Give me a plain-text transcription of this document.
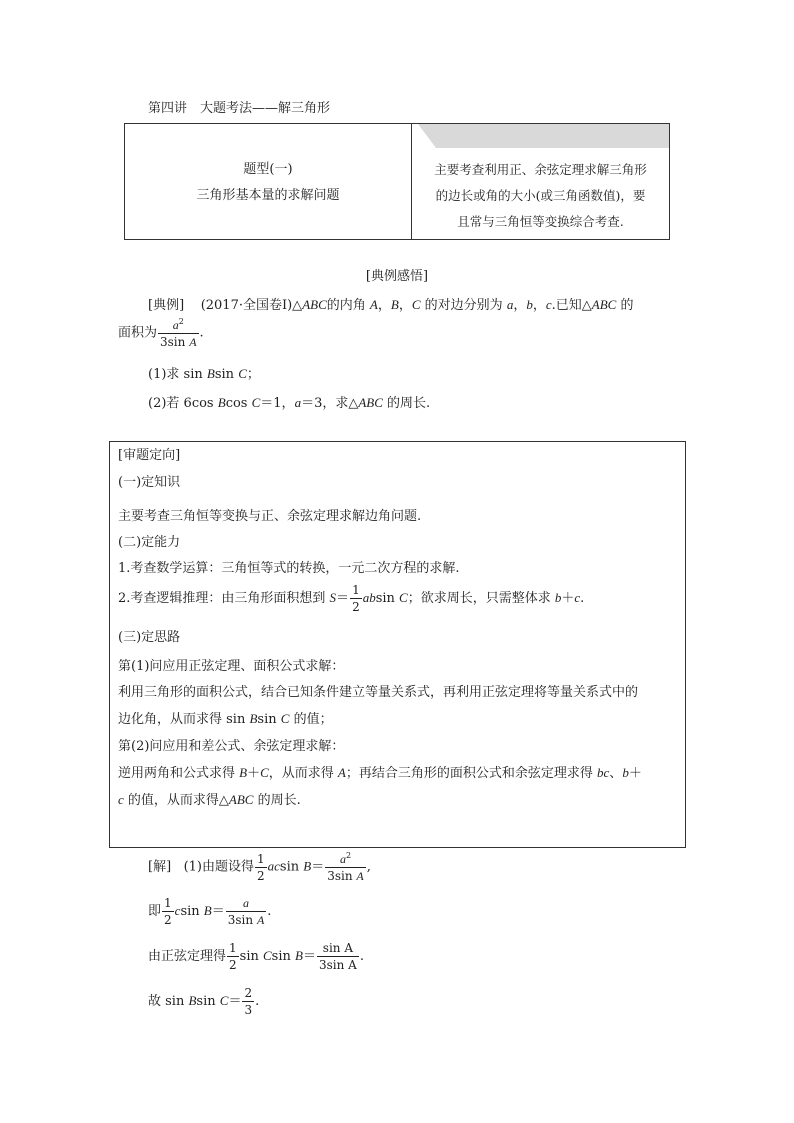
第四讲　大题考法——解三角形
题型(一)
三角形基本量的求解问题
主要考查利用正、余弦定理求解三角形
的边长或角的大小(或三角函数值)，要
且常与三角恒等变换综合考查.
[典例感悟]
[典例] (2017·全国卷Ⅰ)△ABC的内角 A，B，C 的对边分别为 a，b，c.已知△ABC 的
面积为 $\frac{a^2}{\text{3sin A}}$ .
(1)求 sin Bsin C；
(2)若 6cos Bcos C＝1，a＝3，求△ABC 的周长.
[审题定向]
(一)定知识
主要考查三角恒等变换与正、余弦定理求解边角问题.
(二)定能力
1.考查数学运算：三角恒等式的转换，一元二次方程的求解.
2.考查逻辑推理：由三角形面积想到 $S= \frac{1}{2}$ absin C；欲求周长，只需整体求 b＋c.
(三)定思路
第(1)问应用正弦定理、面积公式求解：
利用三角形的面积公式，结合已知条件建立等量关系式，再利用正弦定理将等量关系式中的
边化角，从而求得 sin Bsin C 的值；
第(2)问应用和差公式、余弦定理求解：
逆用两角和公式求得 B＋C，从而求得 A；再结合三角形的面积公式和余弦定理求得 bc、b＋
c 的值，从而求得△ABC 的周长.
[解] (1)由题设得 $\frac{1}{2}$ acsin $B= \frac{a^2}{\text{3sin A}}$ ,
即 $\frac{1}{2}$ csin $B= \frac{a}{\text{3sin A}}$ .
由正弦定理得 $\frac{1}{2}$ sin Csin $B= \frac{\text{sin A}}{\text{3sin A}}$ .
故 sin Bsin $C= \frac{2}{3}$ .
